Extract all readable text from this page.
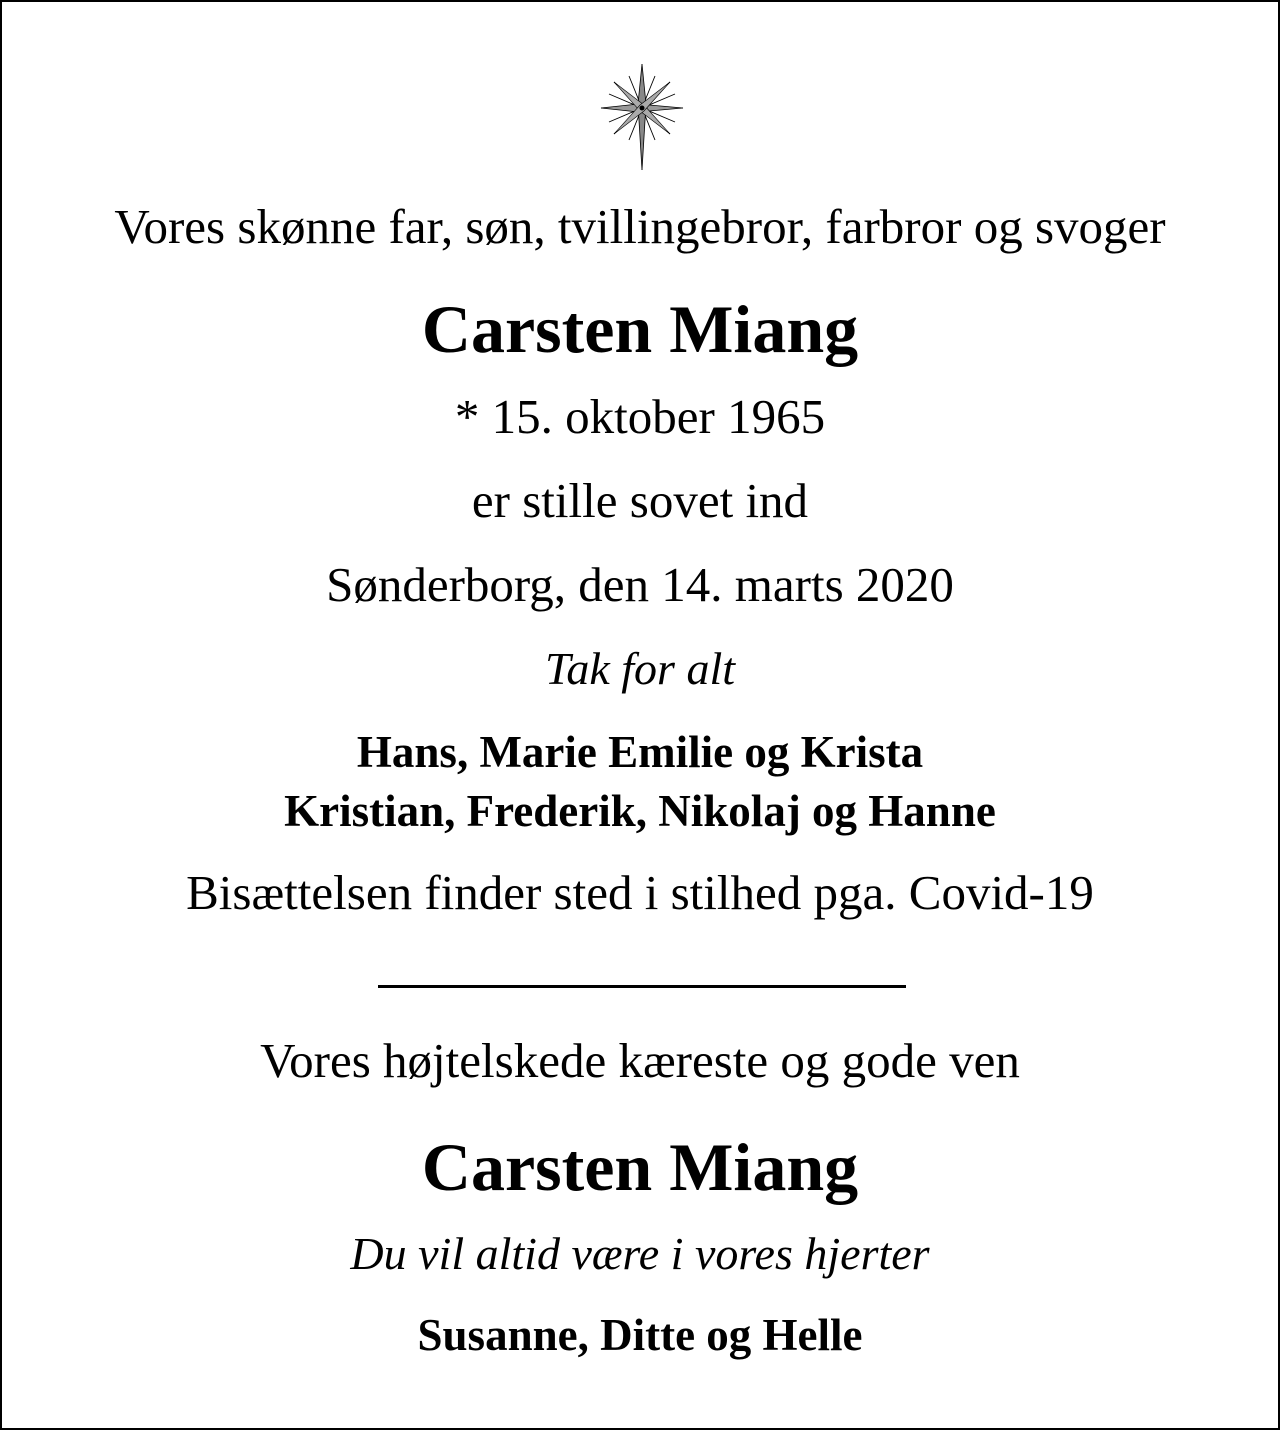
Vores skønne far, søn, tvillingebror, farbror og svoger
Carsten Miang
* 15. oktober 1965
er stille sovet ind
Sønderborg, den 14. marts 2020
Tak for alt
Hans, Marie Emilie og Krista
Kristian, Frederik, Nikolaj og Hanne
Bisættelsen finder sted i stilhed pga. Covid-19
Vores højtelskede kæreste og gode ven
Carsten Miang
Du vil altid være i vores hjerter
Susanne, Ditte og Helle
